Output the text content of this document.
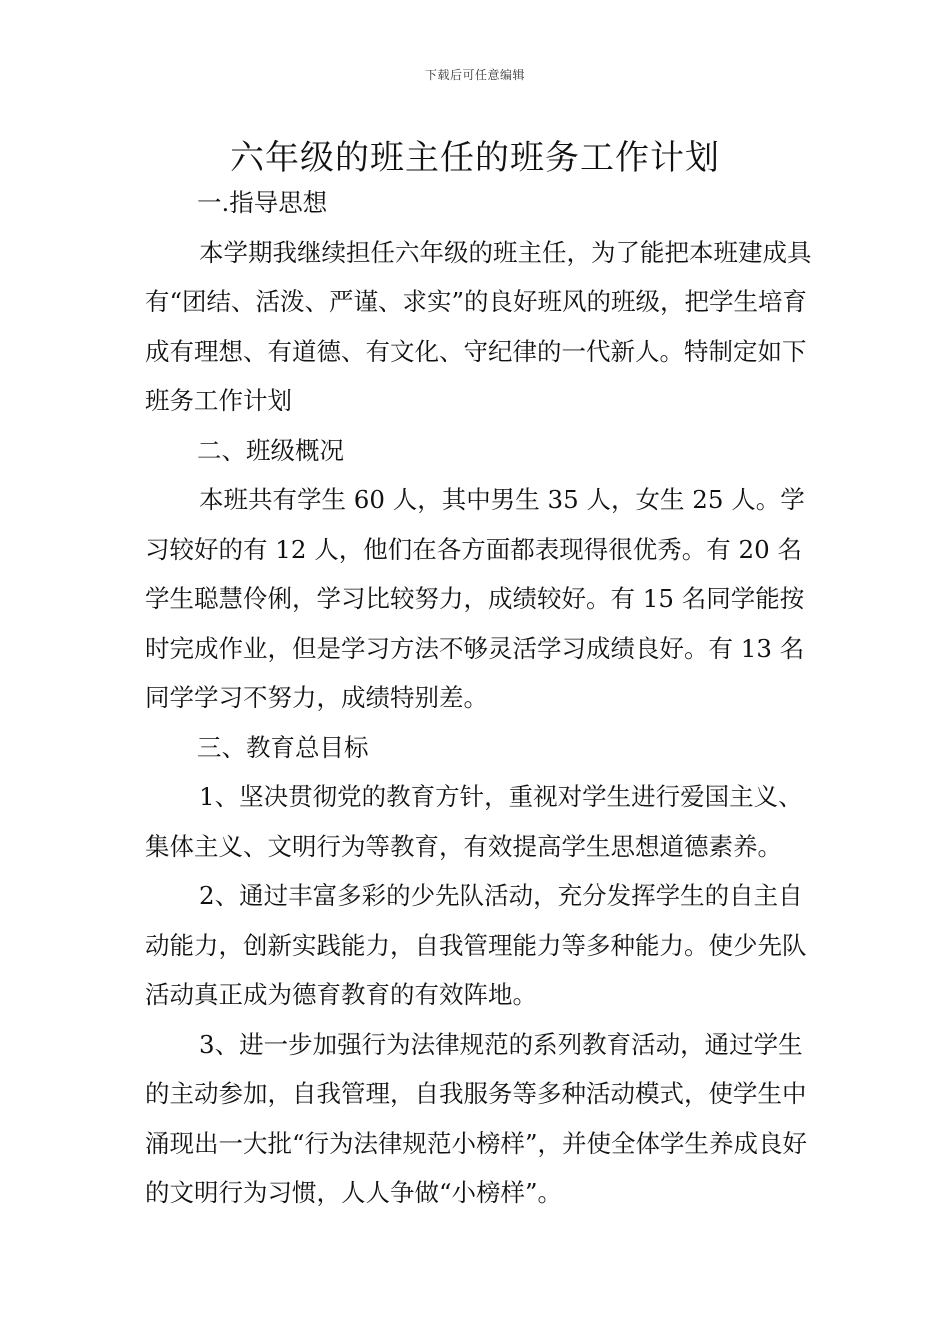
下载后可任意编辑
六年级的班主任的班务工作计划
一.指导思想

本学期我继续担任六年级的班主任，为了能把本班建成具有“团结、活泼、严谨、求实”的良好班风的班级，把学生培育成有理想、有道德、有文化、守纪律的一代新人。特制定如下班务工作计划

二、班级概况

本班共有学生 60 人，其中男生 35 人，女生 25 人。学习较好的有 12 人，他们在各方面都表现得很优秀。有 20 名学生聪慧伶俐，学习比较努力，成绩较好。有 15 名同学能按时完成作业，但是学习方法不够灵活学习成绩良好。有 13 名同学学习不努力，成绩特别差。

三、教育总目标

1、坚决贯彻党的教育方针，重视对学生进行爱国主义、集体主义、文明行为等教育，有效提高学生思想道德素养。

2、通过丰富多彩的少先队活动，充分发挥学生的自主自动能力，创新实践能力，自我管理能力等多种能力。使少先队活动真正成为德育教育的有效阵地。

3、进一步加强行为法律规范的系列教育活动，通过学生的主动参加，自我管理，自我服务等多种活动模式，使学生中涌现出一大批“行为法律规范小榜样”，并使全体学生养成良好的文明行为习惯，人人争做“小榜样”。
